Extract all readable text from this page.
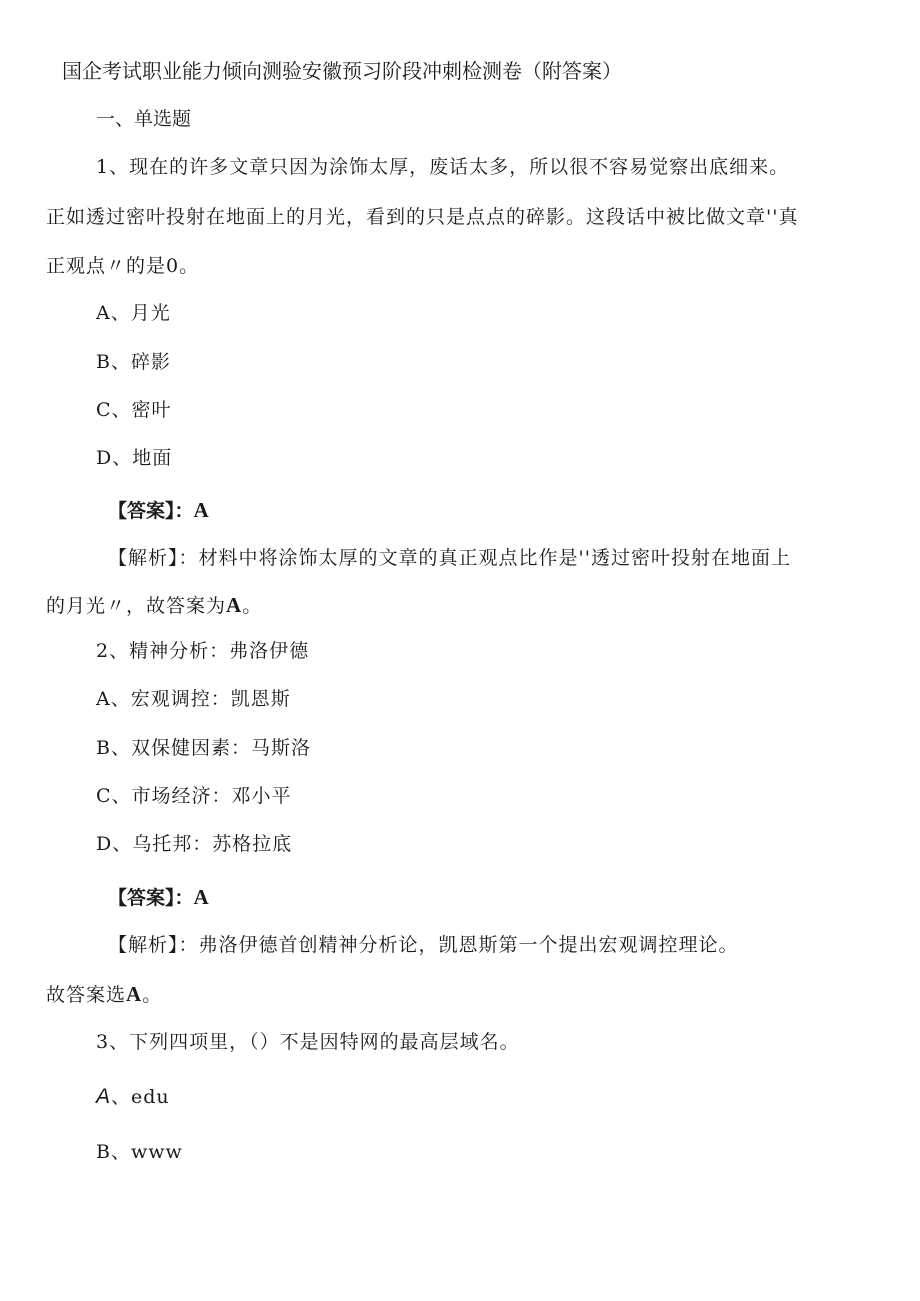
国企考试职业能力倾向测验安徽预习阶段冲刺检测卷（附答案）
一、单选题
1、现在的许多文章只因为涂饰太厚，废话太多，所以很不容易觉察出底细来。
正如透过密叶投射在地面上的月光，看到的只是点点的碎影。这段话中被比做文章''真
正观点〃的是0。
A、月光
B、碎影
C、密叶
D、地面
【答案】：A
【解析】：材料中将涂饰太厚的文章的真正观点比作是''透过密叶投射在地面上
的月光〃，故答案为A。
2、精神分析：弗洛伊德
A、宏观调控：凯恩斯
B、双保健因素：马斯洛
C、市场经济：邓小平
D、乌托邦：苏格拉底
【答案】：A
【解析】：弗洛伊德首创精神分析论，凯恩斯第一个提出宏观调控理论。
故答案选A。
3、下列四项里，（）不是因特网的最高层域名。
A、edu
B、www
